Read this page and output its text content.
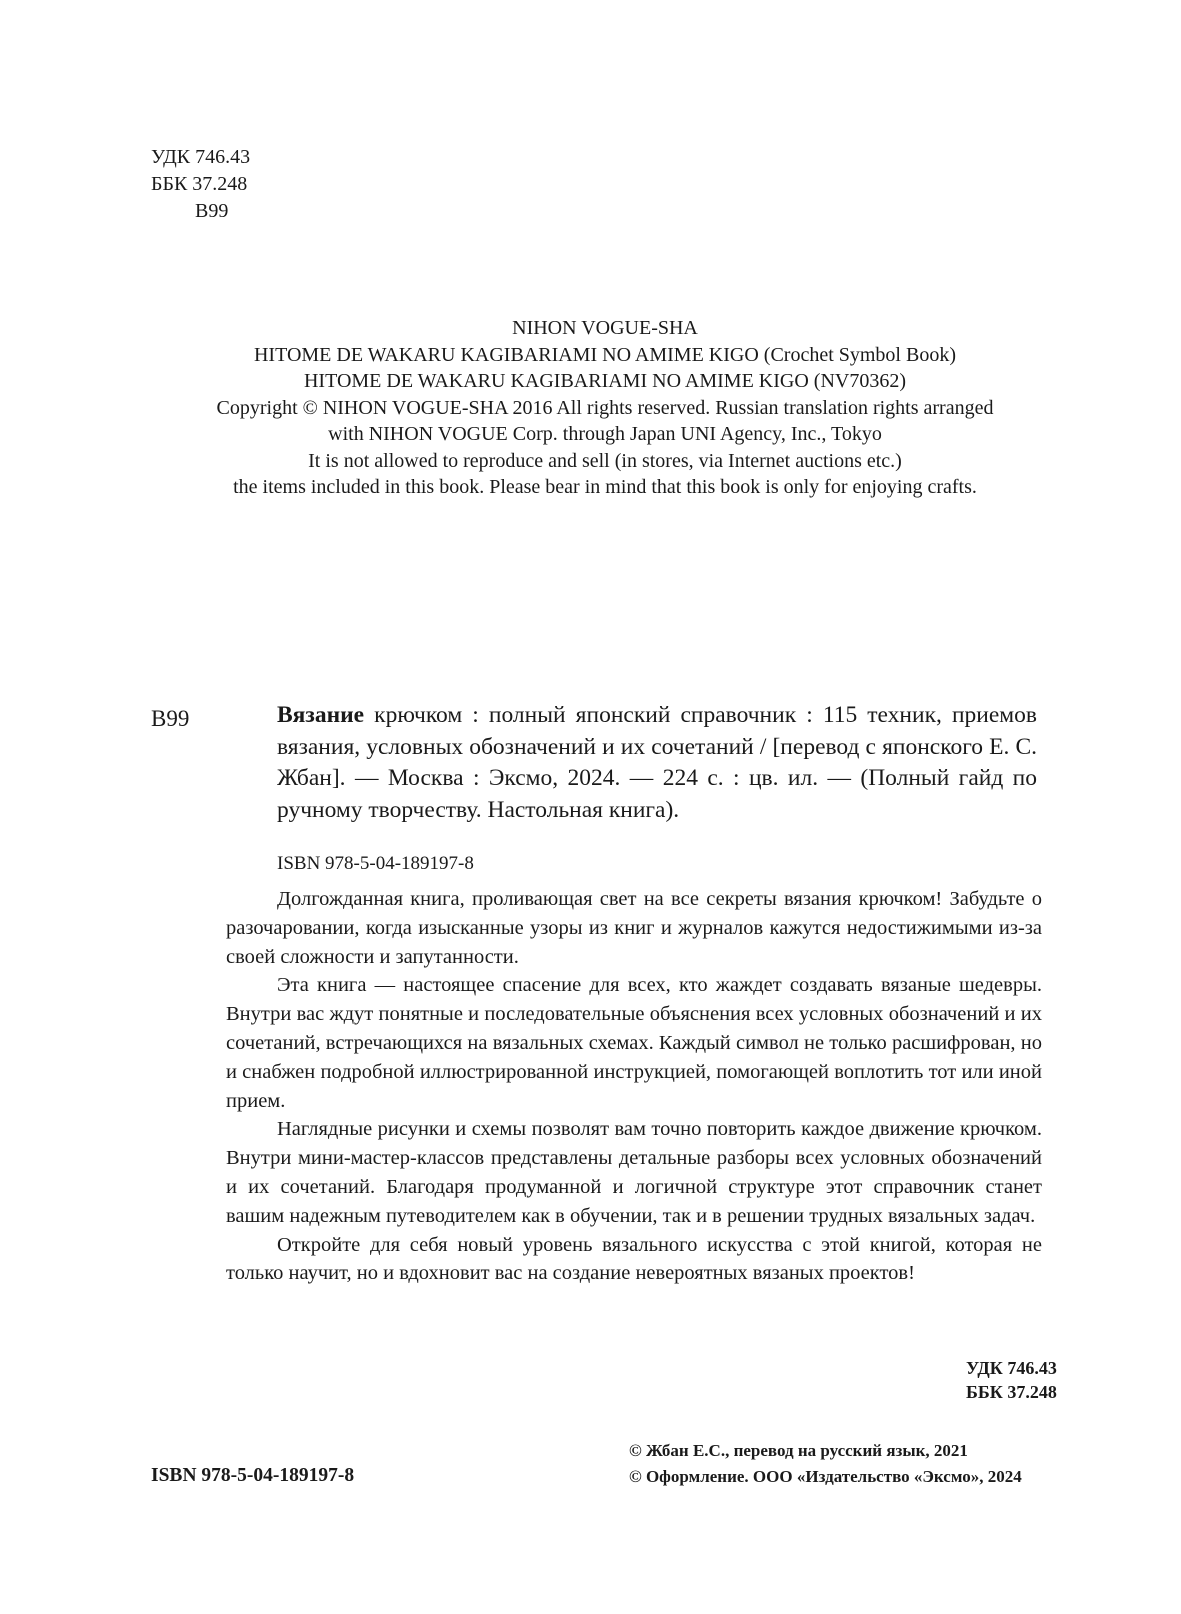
УДК 746.43
ББК 37.248
В99
NIHON VOGUE-SHA
HITOME DE WAKARU KAGIBARIAMI NO AMIME KIGO (Crochet Symbol Book)
HITOME DE WAKARU KAGIBARIAMI NO AMIME KIGO (NV70362)
Copyright © NIHON VOGUE-SHA 2016 All rights reserved. Russian translation rights arranged
with NIHON VOGUE Corp. through Japan UNI Agency, Inc., Tokyo
It is not allowed to reproduce and sell (in stores, via Internet auctions etc.)
the items included in this book. Please bear in mind that this book is only for enjoying crafts.
В99	Вязание крючком : полный японский справочник : 115 техник, приемов вязания, условных обозначений и их сочетаний / [перевод с японского Е. С. Жбан]. — Москва : Эксмо, 2024. — 224 с. : цв. ил. — (Полный гайд по ручному творчеству. Настольная книга).
ISBN 978-5-04-189197-8

Долгожданная книга, проливающая свет на все секреты вязания крючком! Забудьте о разочаровании, когда изысканные узоры из книг и журналов кажутся недостижимыми из-за своей сложности и запутанности.

Эта книга — настоящее спасение для всех, кто жаждет создавать вязаные шедевры. Внутри вас ждут понятные и последовательные объяснения всех условных обозначений и их сочетаний, встречающихся на вязальных схемах. Каждый символ не только расшифрован, но и снабжен подробной иллюстрированной инструкцией, помогающей воплотить тот или иной прием.

Наглядные рисунки и схемы позволят вам точно повторить каждое движение крючком. Внутри мини-мастер-классов представлены детальные разборы всех условных обозначений и их сочетаний. Благодаря продуманной и логичной структуре этот справочник станет вашим надежным путеводителем как в обучении, так и в решении трудных вязальных задач.

Откройте для себя новый уровень вязального искусства с этой книгой, которая не только научит, но и вдохновит вас на создание невероятных вязаных проектов!

УДК 746.43
ББК 37.248
ISBN 978-5-04-189197-8
© Жбан Е.С., перевод на русский язык, 2021
© Оформление. ООО «Издательство «Эксмо», 2024
